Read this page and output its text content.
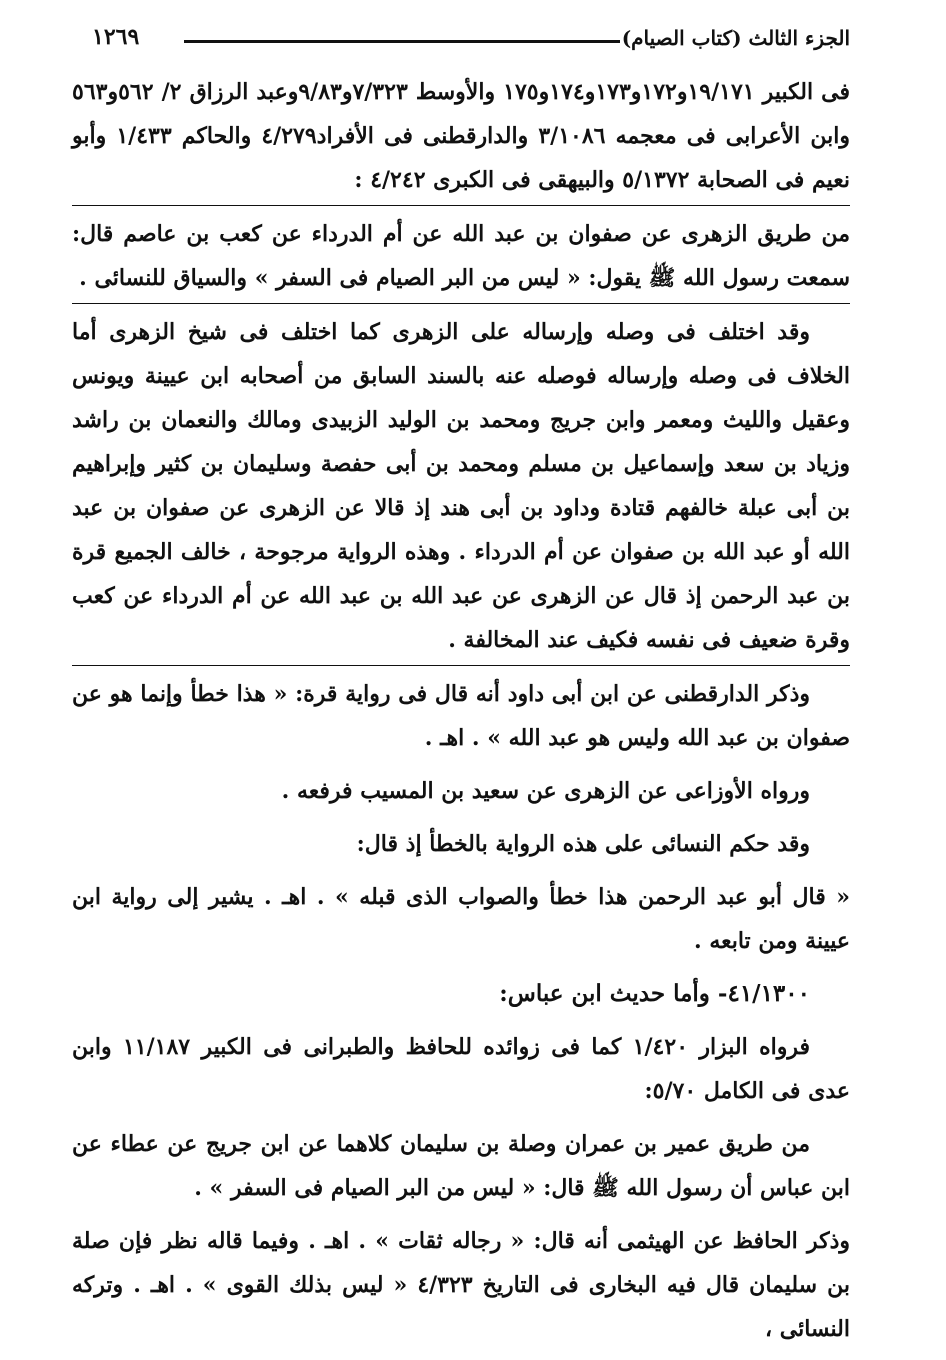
الجزء الثالث (كتاب الصيام)
١٢٦٩

فى الكبير ١٩/١٧١و١٧٢و١٧٣و١٧٤و١٧٥ والأوسط ٧/٣٢٣و٩/٨٣وعبد الرزاق ٢/ ٥٦٢و٥٦٣ وابن الأعرابى فى معجمه ٣/١٠٨٦ والدارقطنى فى الأفراد٤/٢٧٩ والحاكم ١/٤٣٣ وأبو نعيم فى الصحابة ٥/١٣٧٢ والبيهقى فى الكبرى ٤/٢٤٢ :

من طريق الزهرى عن صفوان بن عبد الله عن أم الدرداء عن كعب بن عاصم قال: سمعت رسول الله ﷺ يقول: « ليس من البر الصيام فى السفر » والسياق للنسائى .

وقد اختلف فى وصله وإرساله على الزهرى كما اختلف فى شيخ الزهرى أما الخلاف فى وصله وإرساله فوصله عنه بالسند السابق من أصحابه ابن عيينة ويونس وعقيل والليث ومعمر وابن جريج ومحمد بن الوليد الزبيدى ومالك والنعمان بن راشد وزياد بن سعد وإسماعيل بن مسلم ومحمد بن أبى حفصة وسليمان بن كثير وإبراهيم بن أبى عبلة خالفهم قتادة وداود بن أبى هند إذ قالا عن الزهرى عن صفوان بن عبد الله أو عبد الله بن صفوان عن أم الدرداء . وهذه الرواية مرجوحة ، خالف الجميع قرة بن عبد الرحمن إذ قال عن الزهرى عن عبد الله بن عبد الله عن أم الدرداء عن كعب وقرة ضعيف فى نفسه فكيف عند المخالفة .

وذكر الدارقطنى عن ابن أبى داود أنه قال فى رواية قرة: « هذا خطأ وإنما هو عن صفوان بن عبد الله وليس هو عبد الله » . اهـ .

ورواه الأوزاعى عن الزهرى عن سعيد بن المسيب فرفعه .

وقد حكم النسائى على هذه الرواية بالخطأ إذ قال:

« قال أبو عبد الرحمن هذا خطأ والصواب الذى قبله » . اهـ . يشير إلى رواية ابن عيينة ومن تابعه .

٤١/١٣٠٠- وأما حديث ابن عباس:

فرواه البزار ١/٤٢٠ كما فى زوائده للحافظ والطبرانى فى الكبير ١١/١٨٧ وابن عدى فى الكامل ٥/٧٠:

من طريق عمير بن عمران وصلة بن سليمان كلاهما عن ابن جريج عن عطاء عن ابن عباس أن رسول الله ﷺ قال: « ليس من البر الصيام فى السفر » .

وذكر الحافظ عن الهيثمى أنه قال: « رجاله ثقات » . اهـ . وفيما قاله نظر فإن صلة بن سليمان قال فيه البخارى فى التاريخ ٤/٣٢٣ « ليس بذلك القوى » . اهـ . وتركه النسائى ،
